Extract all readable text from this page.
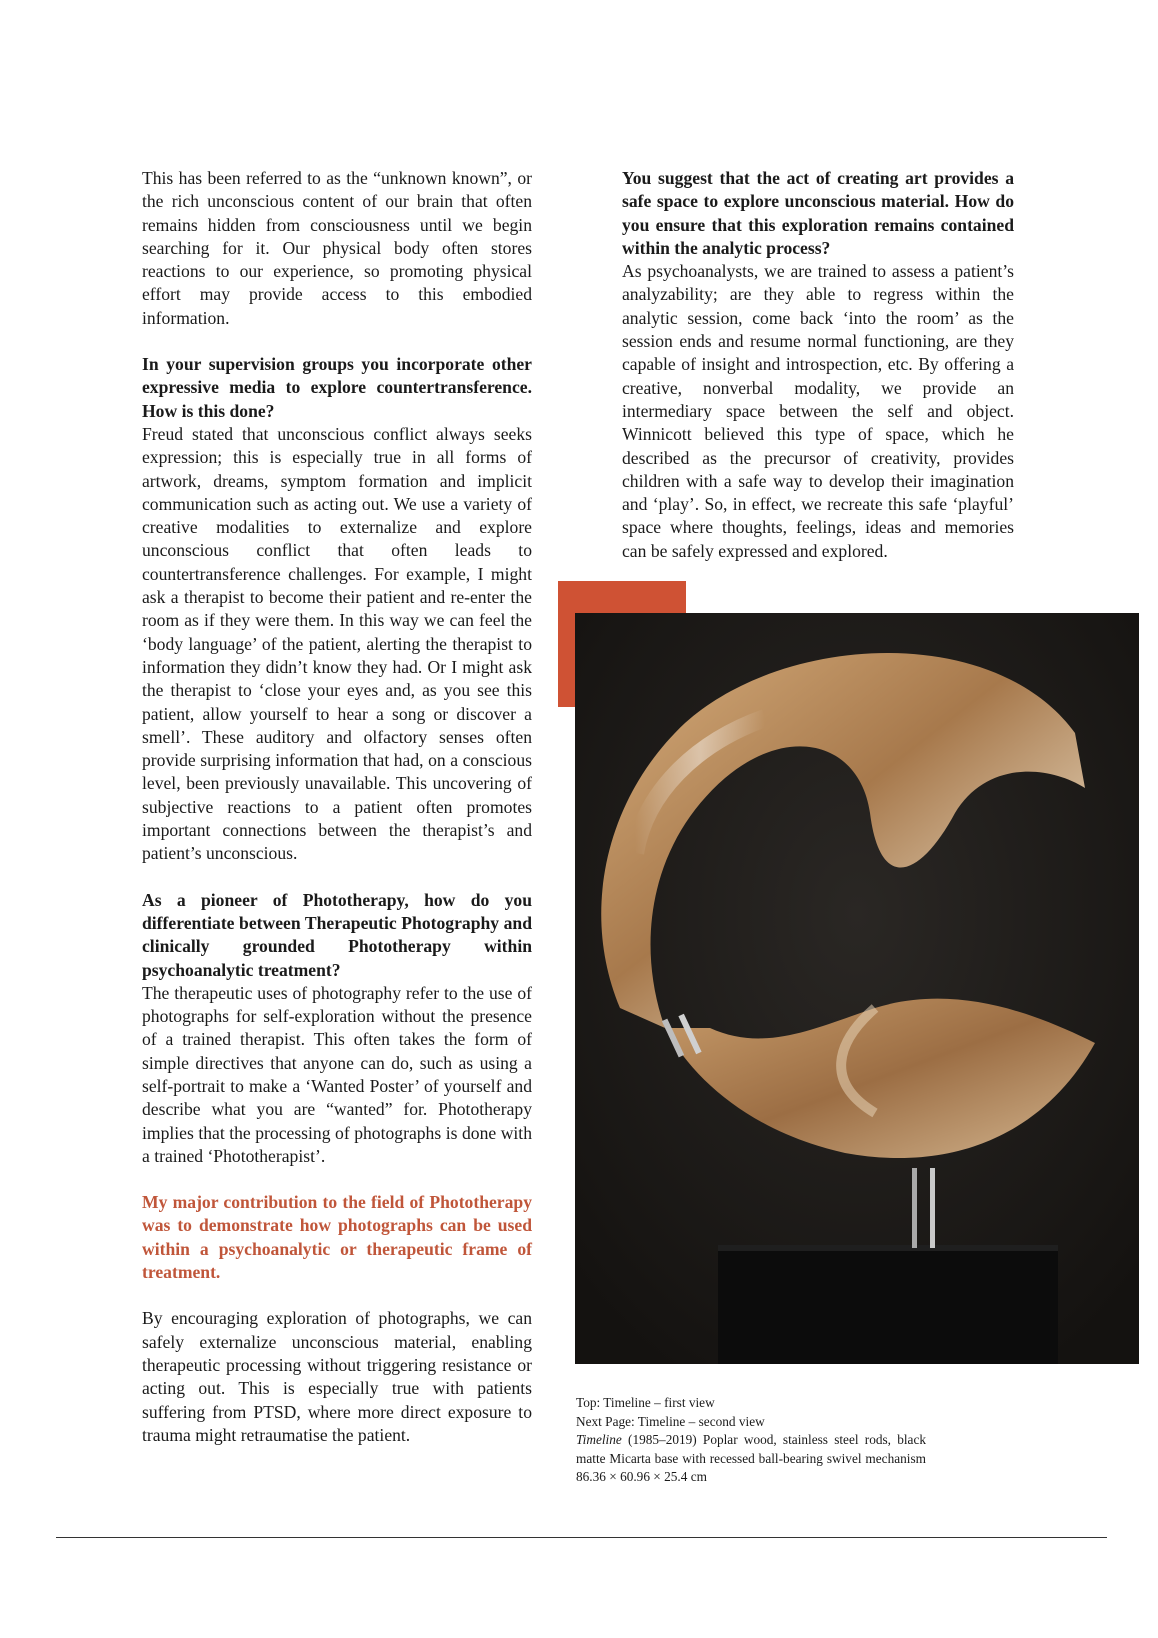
This has been referred to as the “unknown known”, or the rich unconscious content of our brain that often remains hidden from consciousness until we begin searching for it. Our physical body often stores reactions to our experience, so promoting physical effort may provide access to this embodied information.

In your supervision groups you incorporate other expressive media to explore countertransference. How is this done?

Freud stated that unconscious conflict always seeks expression; this is especially true in all forms of artwork, dreams, symptom formation and implicit communication such as acting out. We use a variety of creative modalities to externalize and explore unconscious conflict that often leads to countertransference challenges. For example, I might ask a therapist to become their patient and re-enter the room as if they were them. In this way we can feel the ‘body language’ of the patient, alerting the therapist to information they didn’t know they had. Or I might ask the therapist to ‘close your eyes and, as you see this patient, allow yourself to hear a song or discover a smell’. These auditory and olfactory senses often provide surprising information that had, on a conscious level, been previously unavailable. This uncovering of subjective reactions to a patient often promotes important connections between the therapist’s and patient’s unconscious.

As a pioneer of Phototherapy, how do you differentiate between Therapeutic Photography and clinically grounded Phototherapy within psychoanalytic treatment?

The therapeutic uses of photography refer to the use of photographs for self-exploration without the presence of a trained therapist. This often takes the form of simple directives that anyone can do, such as using a self-portrait to make a ‘Wanted Poster’ of yourself and describe what you are “wanted” for. Phototherapy implies that the processing of photographs is done with a trained ‘Phototherapist’.

My major contribution to the field of Phototherapy was to demonstrate how photographs can be used within a psychoanalytic or therapeutic frame of treatment.

By encouraging exploration of photographs, we can safely externalize unconscious material, enabling therapeutic processing without triggering resistance or acting out. This is especially true with patients suffering from PTSD, where more direct exposure to trauma might retraumatise the patient.

You suggest that the act of creating art provides a safe space to explore unconscious material. How do you ensure that this exploration remains contained within the analytic process?

As psychoanalysts, we are trained to assess a patient’s analyzability; are they able to regress within the analytic session, come back ‘into the room’ as the session ends and resume normal functioning, are they capable of insight and introspection, etc. By offering a creative, nonverbal modality, we provide an intermediary space between the self and object. Winnicott believed this type of space, which he described as the precursor of creativity, provides children with a safe way to develop their imagination and ‘play’. So, in effect, we recreate this safe ‘playful’ space where thoughts, feelings, ideas and memories can be safely expressed and explored.

Top: Timeline – first view
Next Page: Timeline – second view
Timeline (1985–2019) Poplar wood, stainless steel rods, black matte Micarta base with recessed ball-bearing swivel mechanism 86.36 × 60.96 × 25.4 cm
